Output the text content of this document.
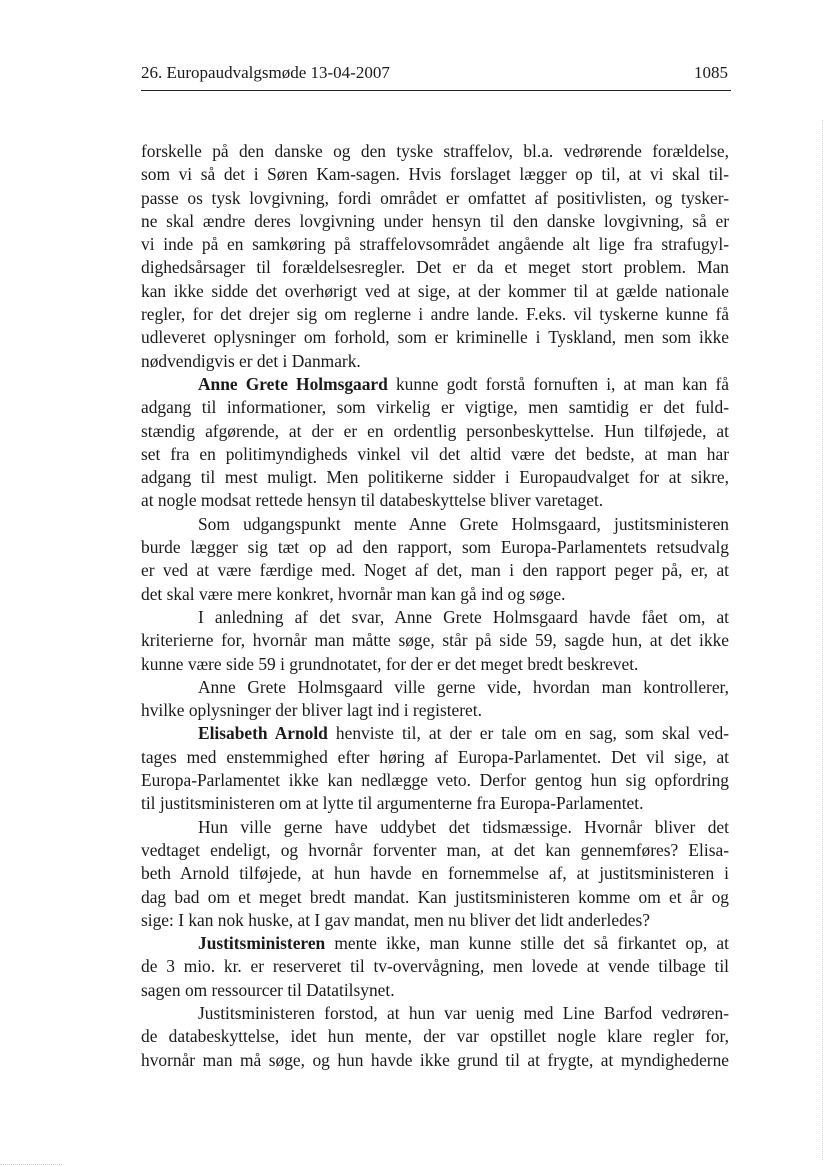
26. Europaudvalgsmøde 13-04-2007	1085
forskelle på den danske og den tyske straffelov, bl.a. vedrørende forældelse,
som vi så det i Søren Kam-sagen. Hvis forslaget lægger op til, at vi skal til-
passe os tysk lovgivning, fordi området er omfattet af positivlisten, og tysker-
ne skal ændre deres lovgivning under hensyn til den danske lovgivning, så er
vi inde på en samkøring på straffelovsområdet angående alt lige fra strafugyl-
dighedsårsager til forældelsesregler. Det er da et meget stort problem. Man
kan ikke sidde det overhørigt ved at sige, at der kommer til at gælde nationale
regler, for det drejer sig om reglerne i andre lande. F.eks. vil tyskerne kunne få
udleveret oplysninger om forhold, som er kriminelle i Tyskland, men som ikke
nødvendigvis er det i Danmark.
Anne Grete Holmsgaard kunne godt forstå fornuften i, at man kan få
adgang til informationer, som virkelig er vigtige, men samtidig er det fuld-
stændig afgørende, at der er en ordentlig personbeskyttelse. Hun tilføjede, at
set fra en politimyndigheds vinkel vil det altid være det bedste, at man har
adgang til mest muligt. Men politikerne sidder i Europaudvalget for at sikre,
at nogle modsat rettede hensyn til databeskyttelse bliver varetaget.
Som udgangspunkt mente Anne Grete Holmsgaard, justitsministeren
burde lægger sig tæt op ad den rapport, som Europa-Parlamentets retsudvalg
er ved at være færdige med. Noget af det, man i den rapport peger på, er, at
det skal være mere konkret, hvornår man kan gå ind og søge.
I anledning af det svar, Anne Grete Holmsgaard havde fået om, at
kriterierne for, hvornår man måtte søge, står på side 59, sagde hun, at det ikke
kunne være side 59 i grundnotatet, for der er det meget bredt beskrevet.
Anne Grete Holmsgaard ville gerne vide, hvordan man kontrollerer,
hvilke oplysninger der bliver lagt ind i registeret.
Elisabeth Arnold henviste til, at der er tale om en sag, som skal ved-
tages med enstemmighed efter høring af Europa-Parlamentet. Det vil sige, at
Europa-Parlamentet ikke kan nedlægge veto. Derfor gentog hun sig opfordring
til justitsministeren om at lytte til argumenterne fra Europa-Parlamentet.
Hun ville gerne have uddybet det tidsmæssige. Hvornår bliver det
vedtaget endeligt, og hvornår forventer man, at det kan gennemføres? Elisa-
beth Arnold tilføjede, at hun havde en fornemmelse af, at justitsministeren i
dag bad om et meget bredt mandat. Kan justitsministeren komme om et år og
sige: I kan nok huske, at I gav mandat, men nu bliver det lidt anderledes?
Justitsministeren mente ikke, man kunne stille det så firkantet op, at
de 3 mio. kr. er reserveret til tv-overvågning, men lovede at vende tilbage til
sagen om ressourcer til Datatilsynet.
Justitsministeren forstod, at hun var uenig med Line Barfod vedrøren-
de databeskyttelse, idet hun mente, der var opstillet nogle klare regler for,
hvornår man må søge, og hun havde ikke grund til at frygte, at myndighederne
